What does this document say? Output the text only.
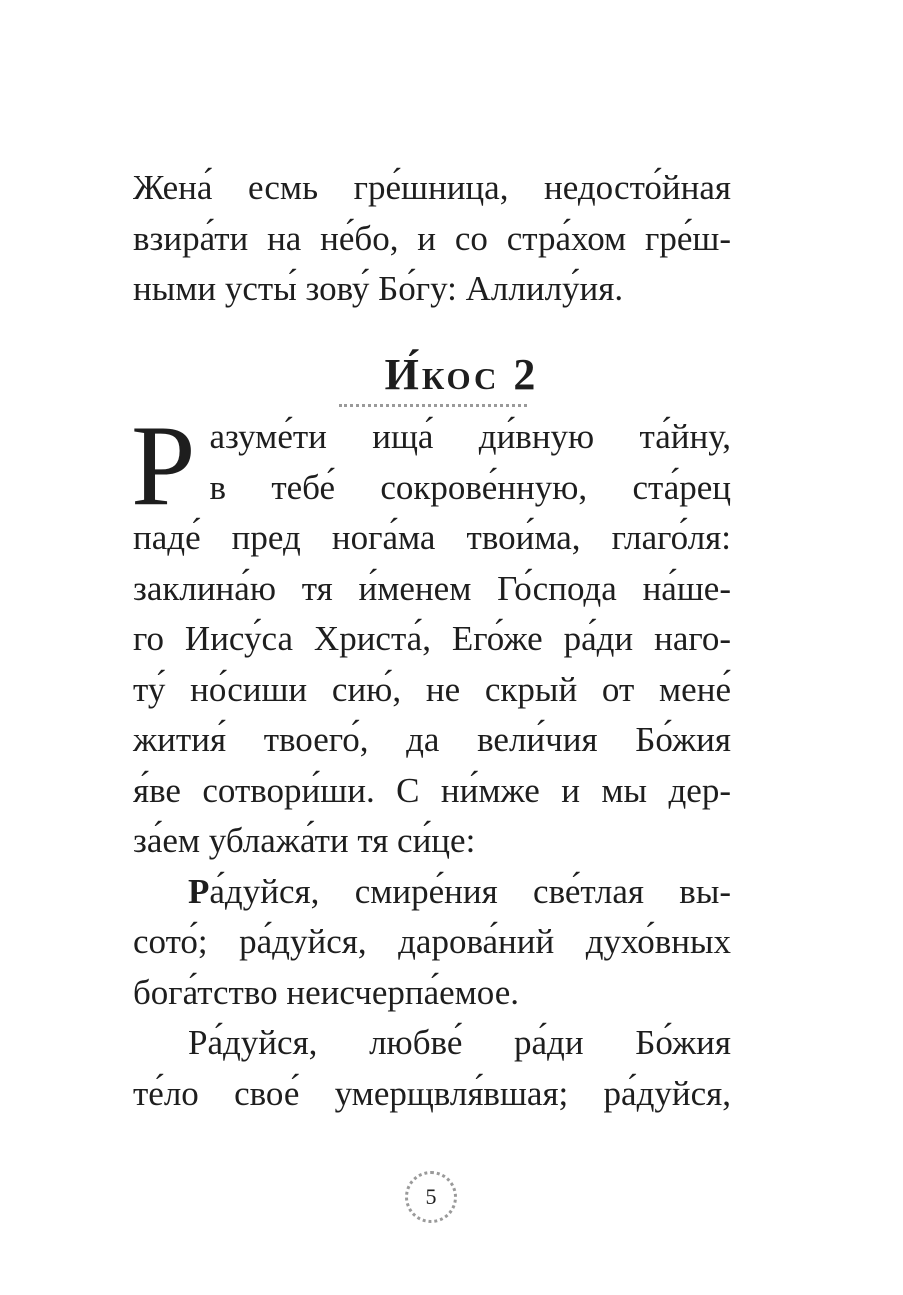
Жена́ есмь гре́шница, недосто́йная

взира́ти на не́бо, и со стра́хом гре́ш-

ными усты́ зову́ Бо́гу: Аллилу́ия.

И́кос 2
Р азуме́ти ища́ ди́вную та́йну,

в тебе́ сокрове́нную, ста́рец

паде́ пред нога́ма твои́ма, глаго́ля:

заклина́ю тя и́менем Го́спода на́ше-

го Иису́са Христа́, Его́же ра́ди наго-

ту́ но́сиши сию́, не скрый от мене́

жития́ твоего́, да вели́чия Бо́жия

я́ве сотвори́ши. С ни́мже и мы дер-

за́ем ублажа́ти тя си́це:

Ра́дуйся, смире́ния све́тлая вы-

сото́; ра́дуйся, дарова́ний духо́вных

бога́тство неисчерпа́емое.

Ра́дуйся, любве́ ра́ди Бо́жия

те́ло свое́ умерщвля́вшая; ра́дуйся,

5
